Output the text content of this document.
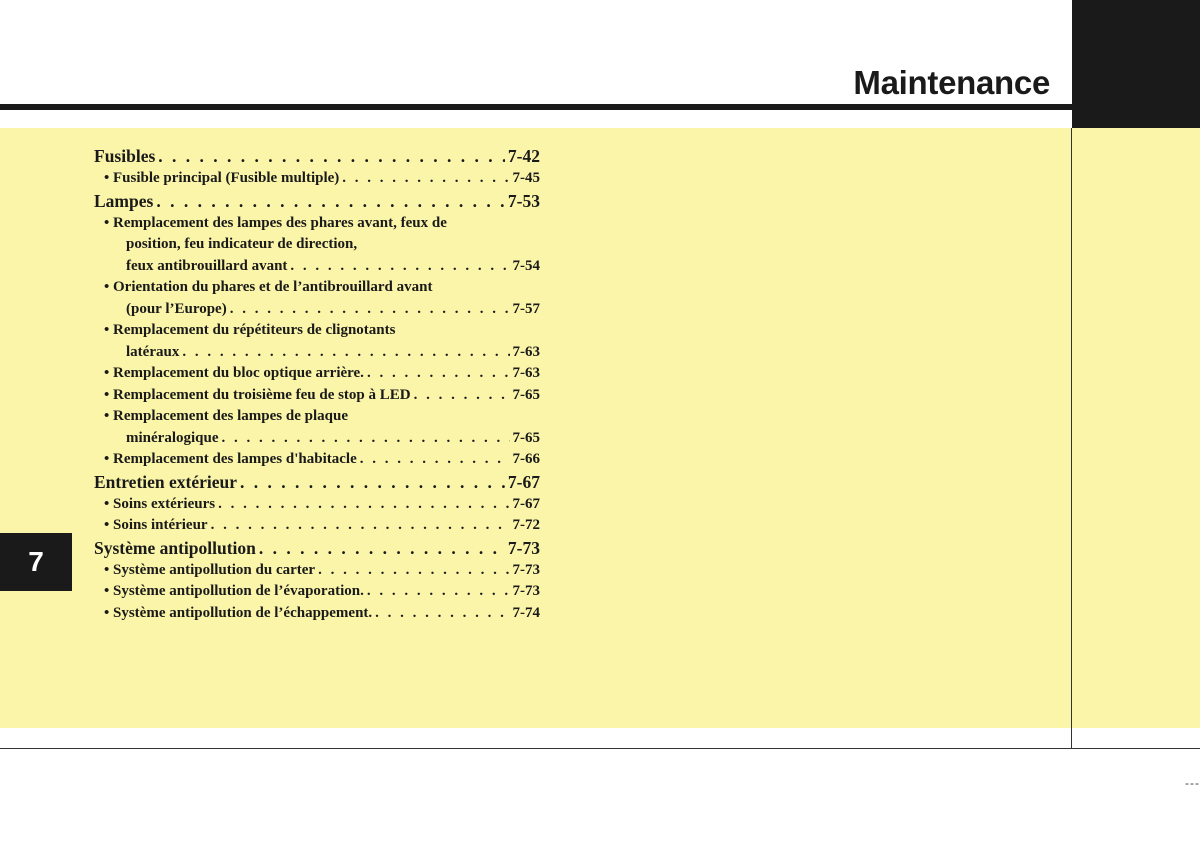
Maintenance
7
---
Fusibles . . .	7-42
• Fusible principal (Fusible multiple) . . .	7-45
Lampes . . .	7-53
• Remplacement des lampes des phares avant, feux de
position, feu indicateur de direction,
feux antibrouillard avant . . .	7-54
• Orientation du phares et de l’antibrouillard avant
(pour l’Europe) . . .	7-57
• Remplacement du répétiteurs de clignotants
latéraux . . .	7-63
• Remplacement du bloc optique arrière. . . .	7-63
• Remplacement du troisième feu de stop à LED . . .	7-65
• Remplacement des lampes de plaque
minéralogique . . .	7-65
• Remplacement des lampes d'habitacle . . .	7-66
Entretien extérieur . . .	7-67
• Soins extérieurs . . .	7-67
• Soins intérieur . . .	7-72
Système antipollution . . .	7-73
• Système antipollution du carter . . .	7-73
• Système antipollution de l’évaporation. . . .	7-73
• Système antipollution de l’échappement. . . .	7-74
